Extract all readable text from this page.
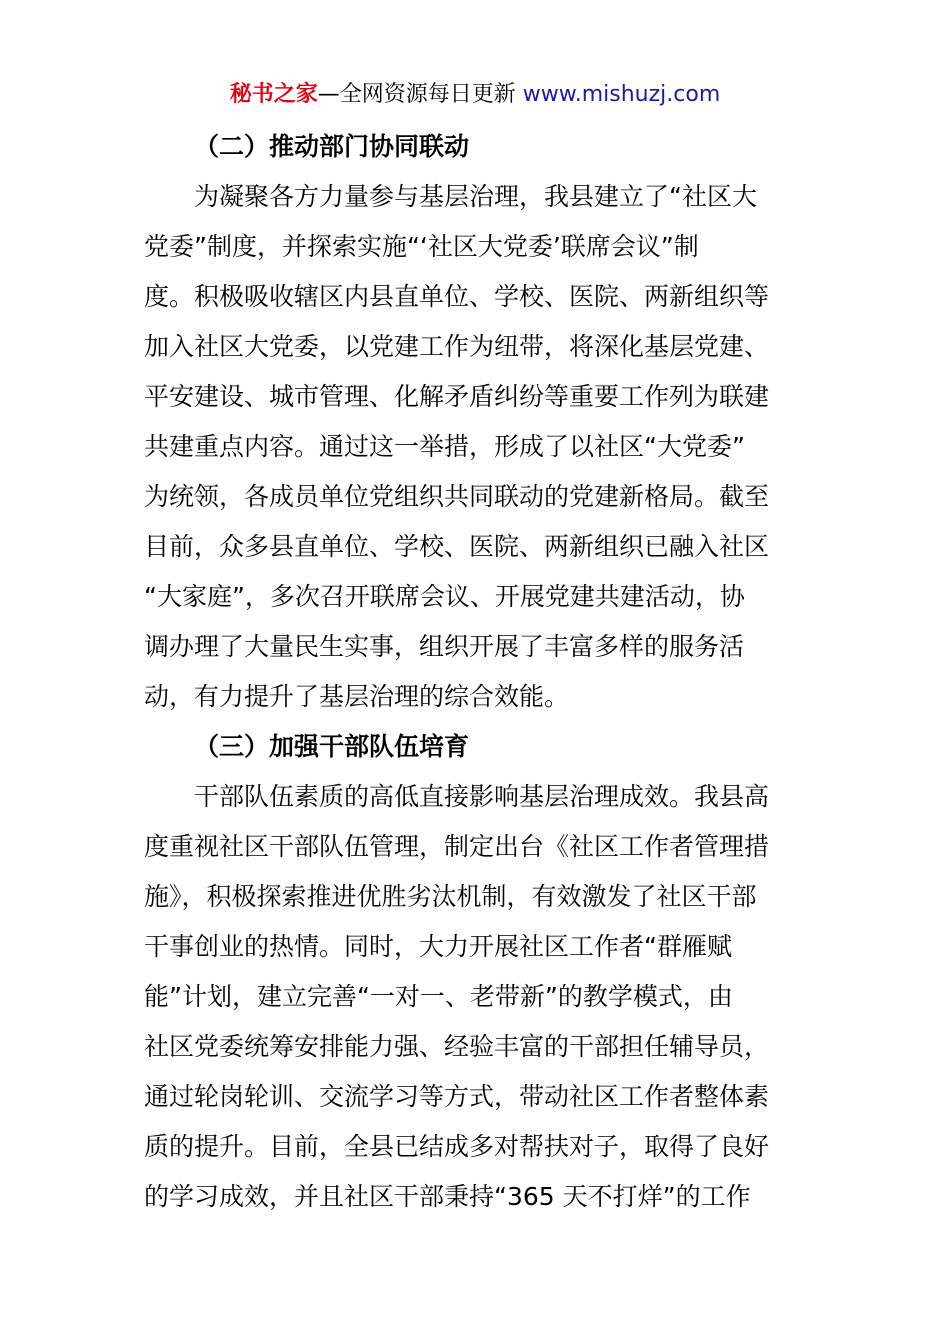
秘书之家—全网资源每日更新 www.mishuzj.com
（二）推动部门协同联动
为凝聚各方力量参与基层治理，我县建立了“社区大
党委”制度，并探索实施“‘社区大党委’联席会议”制
度。积极吸收辖区内县直单位、学校、医院、两新组织等
加入社区大党委，以党建工作为纽带，将深化基层党建、
平安建设、城市管理、化解矛盾纠纷等重要工作列为联建
共建重点内容。通过这一举措，形成了以社区“大党委”
为统领，各成员单位党组织共同联动的党建新格局。截至
目前，众多县直单位、学校、医院、两新组织已融入社区
“大家庭”，多次召开联席会议、开展党建共建活动，协
调办理了大量民生实事，组织开展了丰富多样的服务活
动，有力提升了基层治理的综合效能。
（三）加强干部队伍培育
干部队伍素质的高低直接影响基层治理成效。我县高
度重视社区干部队伍管理，制定出台《社区工作者管理措
施》，积极探索推进优胜劣汰机制，有效激发了社区干部
干事创业的热情。同时，大力开展社区工作者“群雁赋
能”计划，建立完善“一对一、老带新”的教学模式，由
社区党委统筹安排能力强、经验丰富的干部担任辅导员，
通过轮岗轮训、交流学习等方式，带动社区工作者整体素
质的提升。目前，全县已结成多对帮扶对子，取得了良好
的学习成效，并且社区干部秉持“365 天不打烊”的工作
